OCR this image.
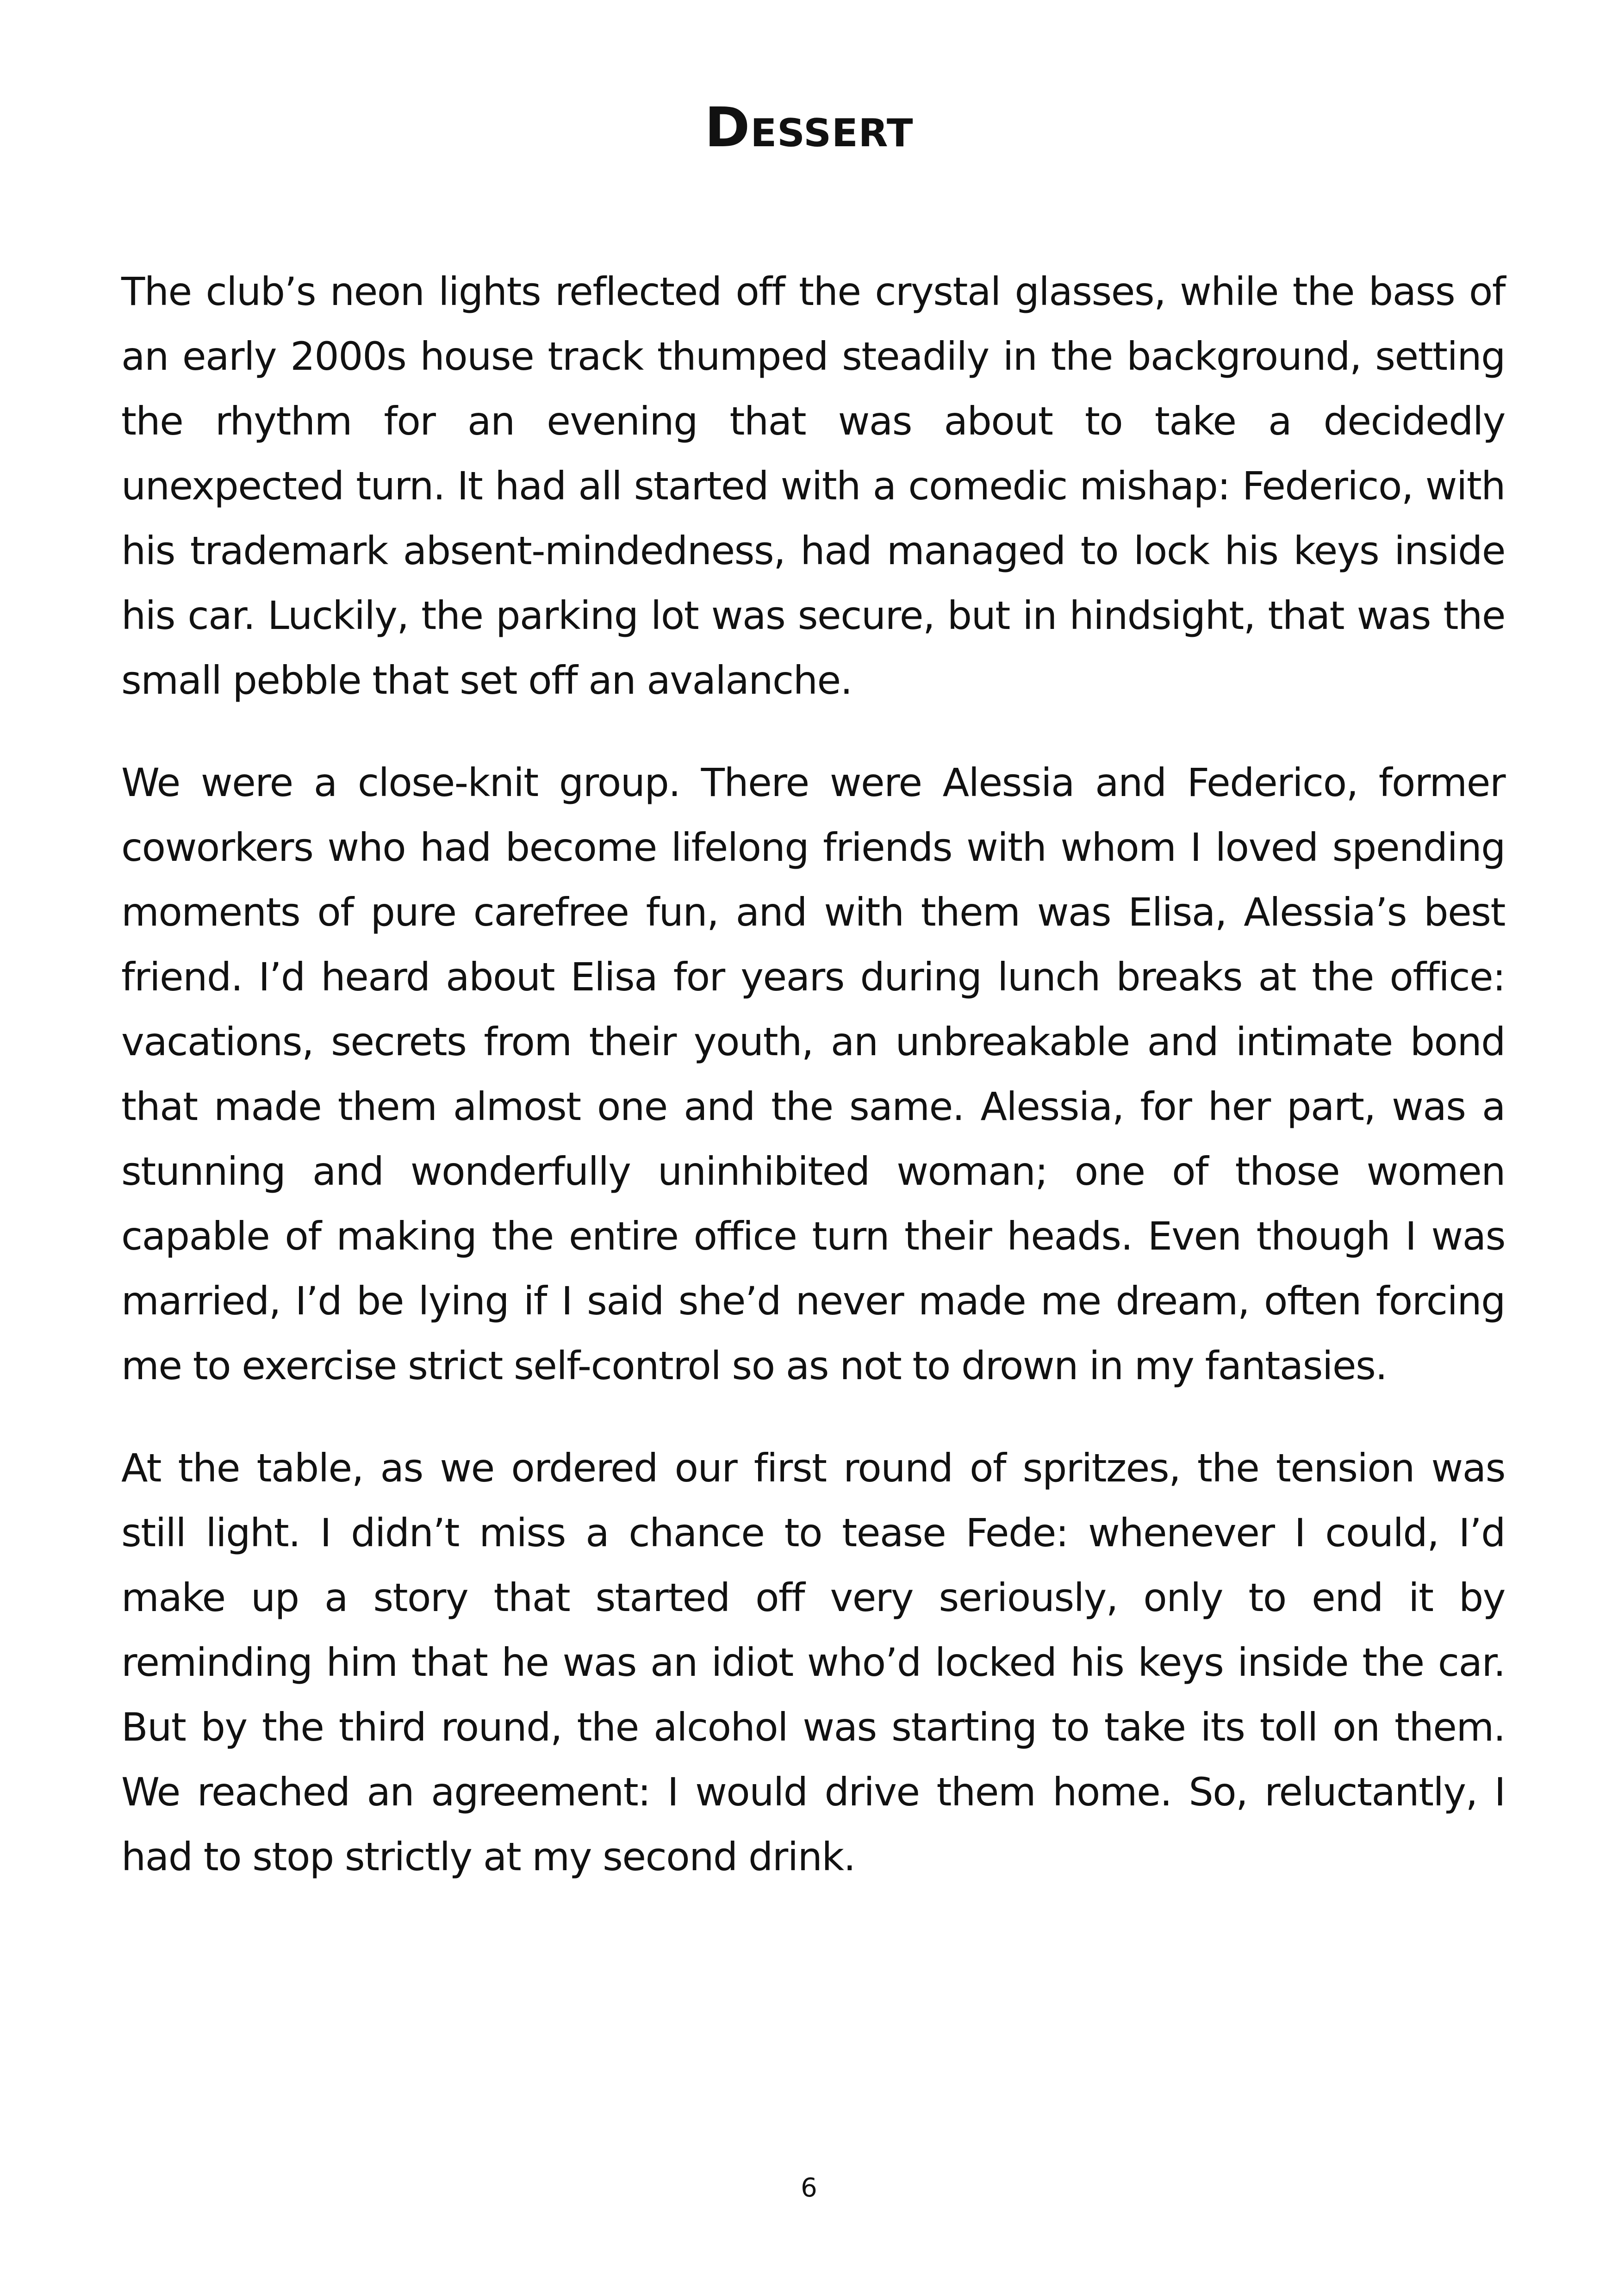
Dessert

The club’s neon lights reflected off the crystal glasses, while the bass of an early 2000s house track thumped steadily in the background, setting the rhythm for an evening that was about to take a decidedly unexpected turn. It had all started with a comedic mishap: Federico, with his trademark absent-mindedness, had managed to lock his keys inside his car. Luckily, the parking lot was secure, but in hindsight, that was the small pebble that set off an avalanche.

We were a close-knit group. There were Alessia and Federico, former coworkers who had become lifelong friends with whom I loved spending moments of pure carefree fun, and with them was Elisa, Alessia’s best friend. I’d heard about Elisa for years during lunch breaks at the office: vacations, secrets from their youth, an unbreakable and intimate bond that made them almost one and the same. Alessia, for her part, was a stunning and wonderfully uninhibited woman; one of those women capable of making the entire office turn their heads. Even though I was married, I’d be lying if I said she’d never made me dream, often forcing me to exercise strict self-control so as not to drown in my fantasies.

At the table, as we ordered our first round of spritzes, the tension was still light. I didn’t miss a chance to tease Fede: whenever I could, I’d make up a story that started off very seriously, only to end it by reminding him that he was an idiot who’d locked his keys inside the car. But by the third round, the alcohol was starting to take its toll on them. We reached an agreement: I would drive them home. So, reluctantly, I had to stop strictly at my second drink.

6
